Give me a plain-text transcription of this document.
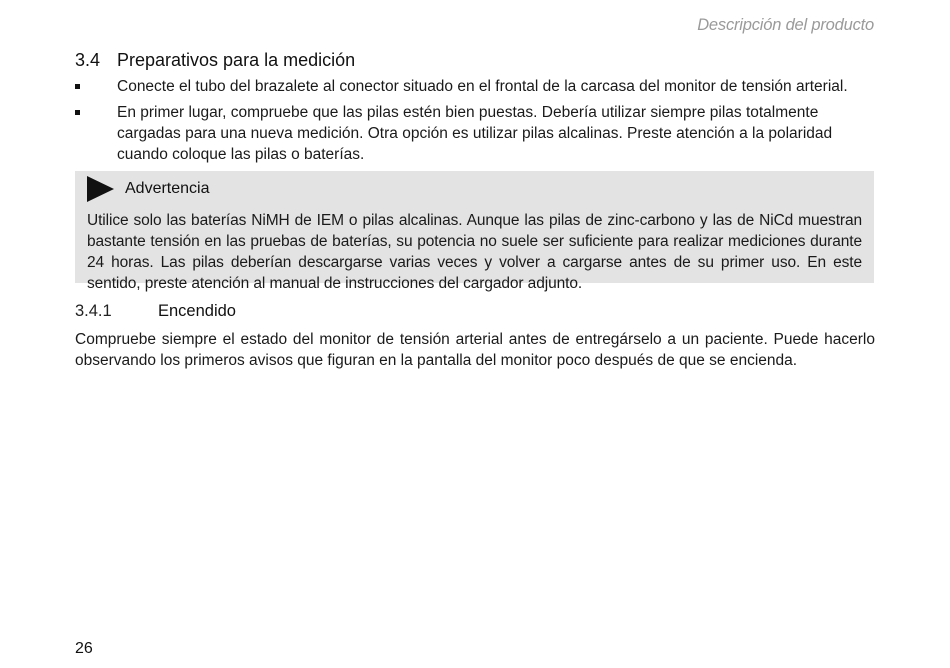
Descripción del producto
3.4 Preparativos para la medición
Conecte el tubo del brazalete al conector situado en el frontal de la carcasa del monitor de tensión arterial.
En primer lugar, compruebe que las pilas estén bien puestas. Debería utilizar siempre pilas totalmente cargadas para una nueva medición. Otra opción es utilizar pilas alcalinas. Preste atención a la polaridad cuando coloque las pilas o baterías.
Advertencia
Utilice solo las baterías NiMH de IEM o pilas alcalinas. Aunque las pilas de zinc-carbono y las de NiCd muestran bastante tensión en las pruebas de baterías, su potencia no suele ser suficiente para realizar mediciones durante 24 horas. Las pilas deberían descargarse varias veces y volver a cargarse antes de su primer uso. En este sentido, preste atención al manual de instrucciones del cargador adjunto.
3.4.1	Encendido

Compruebe siempre el estado del monitor de tensión arterial antes de entregárselo a un paciente. Puede hacerlo observando los primeros avisos que figuran en la pantalla del monitor poco después de que se encienda.

26
